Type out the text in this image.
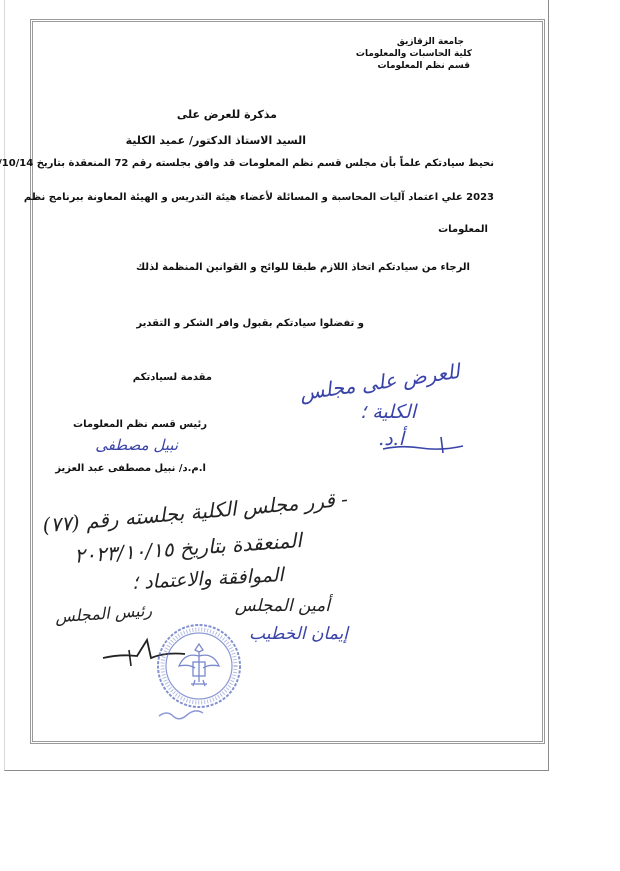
جامعة الزقازيق
كلية الحاسبات والمعلومات
قسم نظم المعلومات
مذكرة للعرض على
السيد الاستاذ الدكتور/ عميد الكلية
نحيط سيادتكم علماً بأن مجلس قسم نظم المعلومات قد وافق بجلسته رقم 72 المنعقدة بتاريخ 10/14
2023 علي اعتماد آليات المحاسبة و المسائلة لأعضاء هيئة التدريس و الهيئة المعاونة ببرنامج نظم
المعلومات
الرجاء من سيادتكم اتخاذ اللازم طبقا للوائح و القوانين المنظمة لذلك
و تفضلوا سيادتكم بقبول وافر الشكر و التقدير
مقدمة لسيادتكم
رئيس قسم نظم المعلومات
نبيل مصطفى
ا.م.د/ نبيل مصطفى عبد العزيز
للعرض على مجلس
الكلية ؛
أ.د.
- قرر مجلس الكلية بجلسته رقم (٧٧)
المنعقدة بتاريخ ٢٠٢٣/١٠/١٥
الموافقة والاعتماد ؛
أمين المجلس
إيمان الخطيب
رئيس المجلس
